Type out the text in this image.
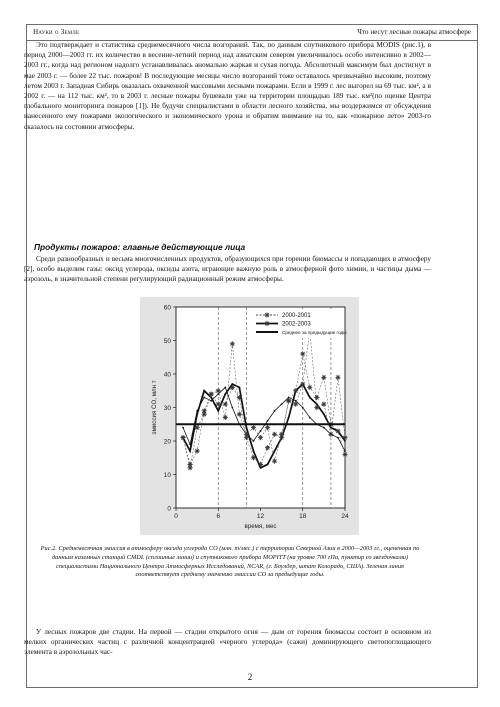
Науки о Земле	Что несут лесные пожары атмосфере

Это подтверждает и статистика среднемесячного числа возгораний. Так, по данным спутникового прибора MODIS (рис.1), в период 2000—2003 гг. их количество в весенне-летний период над азиатским севером увеличивалось особо интенсивно в 2002—2003 гг., когда над регионом надолго устанавливалась аномально жаркая и сухая погода. Абсолютный максимум был достигнут в мае 2003 г. — более 22 тыс. пожаров! В последующие месяцы число возгораний тоже оставалось чрезвычайно высоким, поэтому летом 2003 г. Западная Сибирь оказалась охваченной массовыми лесными пожарами. Если в 1999 г. лес выгорел на 69 тыс. км², а в 2002 г. — на 112 тыс. км², то в 2003 г. лесные пожары бушевали уже на территории площадью 189 тыс. км²(по оценке Центра глобального мониторинга пожаров [1]). Не будучи специалистами в области лесного хозяйства, мы воздержимся от обсуждения нанесенного ему пожарами экологического и экономического урона и обратим внимание на то, как «пожарное лето» 2003-го сказалось на состоянии атмосферы.

Продукты пожаров: главные действующие лица

Среди разнообразных и весьма многочисленных продуктов, образующихся при горении биомассы и попадающих в атмосферу [2], особо выделим газы: оксид углерода, оксиды азота, играющие важную роль в атмосферной фото химии, и частицы дыма — аэрозоль, в значительной степени регулирующий радиационный режим атмосферы.

0
10
20
30
40
50
60
0	6	12	18	24
время, мес
эмиссия CO, млн т
2000-2001
2002-2003
Среднее за предыдущие годы
Рис.2. Среднемесячная эмиссия в атмосферу оксида углерода CO (млн. т/мес.) с территории Северной Азии в 2000—2003 гг., оцененная по данным наземных станций CMDL (сплошные линии) и спутникового прибора MOPITT (на уровне 700 гПа, пунктир со звездочками) специалистами Национального Центра Атмосферных Исследований, NCAR, (г. Боулдер, штат Колорадо, США). Зеленая линия соответствует среднему значению эмиссии CO за предыдущие годы.

У лесных пожаров две стадии. На первой — стадии открытого огня — дым от горения биомассы состоит в основном из мелких органических частиц с различной концентрацией «черного углерода» (сажи) доминирующего светопоглощающего элемента в аэрозольных час-

2
